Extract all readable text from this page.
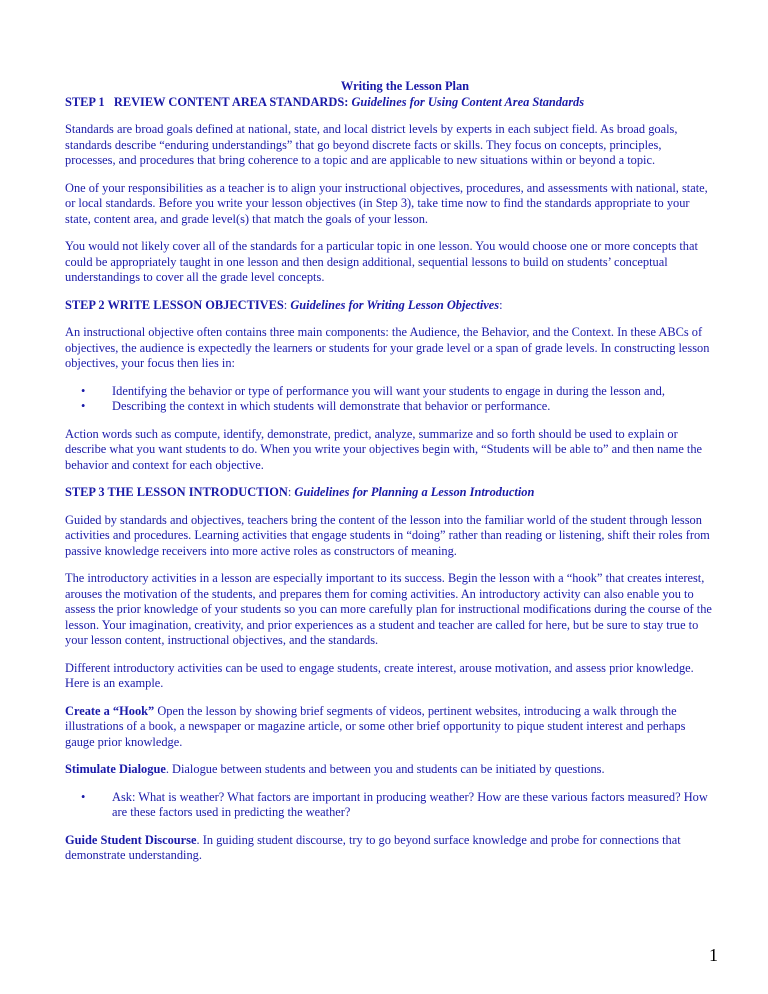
Writing the Lesson Plan

STEP 1   REVIEW CONTENT AREA STANDARDS: Guidelines for Using Content Area Standards

Standards are broad goals defined at national, state, and local district levels by experts in each subject field. As broad goals, standards describe “enduring understandings” that go beyond discrete facts or skills. They focus on concepts, principles, processes, and procedures that bring coherence to a topic and are applicable to new situations within or beyond a topic.

One of your responsibilities as a teacher is to align your instructional objectives, procedures, and assessments with national, state, or local standards. Before you write your lesson objectives (in Step 3), take time now to find the standards appropriate to your state, content area, and grade level(s) that match the goals of your lesson.

You would not likely cover all of the standards for a particular topic in one lesson. You would choose one or more concepts that could be appropriately taught in one lesson and then design additional, sequential lessons to build on students’ conceptual understandings to cover all the grade level concepts.

STEP 2 WRITE LESSON OBJECTIVES: Guidelines for Writing Lesson Objectives:

An instructional objective often contains three main components: the Audience, the Behavior, and the Context. In these ABCs of objectives, the audience is expectedly the learners or students for your grade level or a span of grade levels. In constructing lesson objectives, your focus then lies in:

• Identifying the behavior or type of performance you will want your students to engage in during the lesson and,
• Describing the context in which students will demonstrate that behavior or performance.

Action words such as compute, identify, demonstrate, predict, analyze, summarize and so forth should be used to explain or describe what you want students to do. When you write your objectives begin with, “Students will be able to” and then name the behavior and context for each objective.

STEP 3 THE LESSON INTRODUCTION: Guidelines for Planning a Lesson Introduction

Guided by standards and objectives, teachers bring the content of the lesson into the familiar world of the student through lesson activities and procedures. Learning activities that engage students in “doing” rather than reading or listening, shift their roles from passive knowledge receivers into more active roles as constructors of meaning.

The introductory activities in a lesson are especially important to its success. Begin the lesson with a “hook” that creates interest, arouses the motivation of the students, and prepares them for coming activities. An introductory activity can also enable you to assess the prior knowledge of your students so you can more carefully plan for instructional modifications during the course of the lesson. Your imagination, creativity, and prior experiences as a student and teacher are called for here, but be sure to stay true to your lesson content, instructional objectives, and the standards.

Different introductory activities can be used to engage students, create interest, arouse motivation, and assess prior knowledge. Here is an example.

Create a “Hook” Open the lesson by showing brief segments of videos, pertinent websites, introducing a walk through the illustrations of a book, a newspaper or magazine article, or some other brief opportunity to pique student interest and perhaps gauge prior knowledge.

Stimulate Dialogue. Dialogue between students and between you and students can be initiated by questions.

• Ask: What is weather? What factors are important in producing weather? How are these various factors measured? How are these factors used in predicting the weather?

Guide Student Discourse. In guiding student discourse, try to go beyond surface knowledge and probe for connections that demonstrate understanding.

1
